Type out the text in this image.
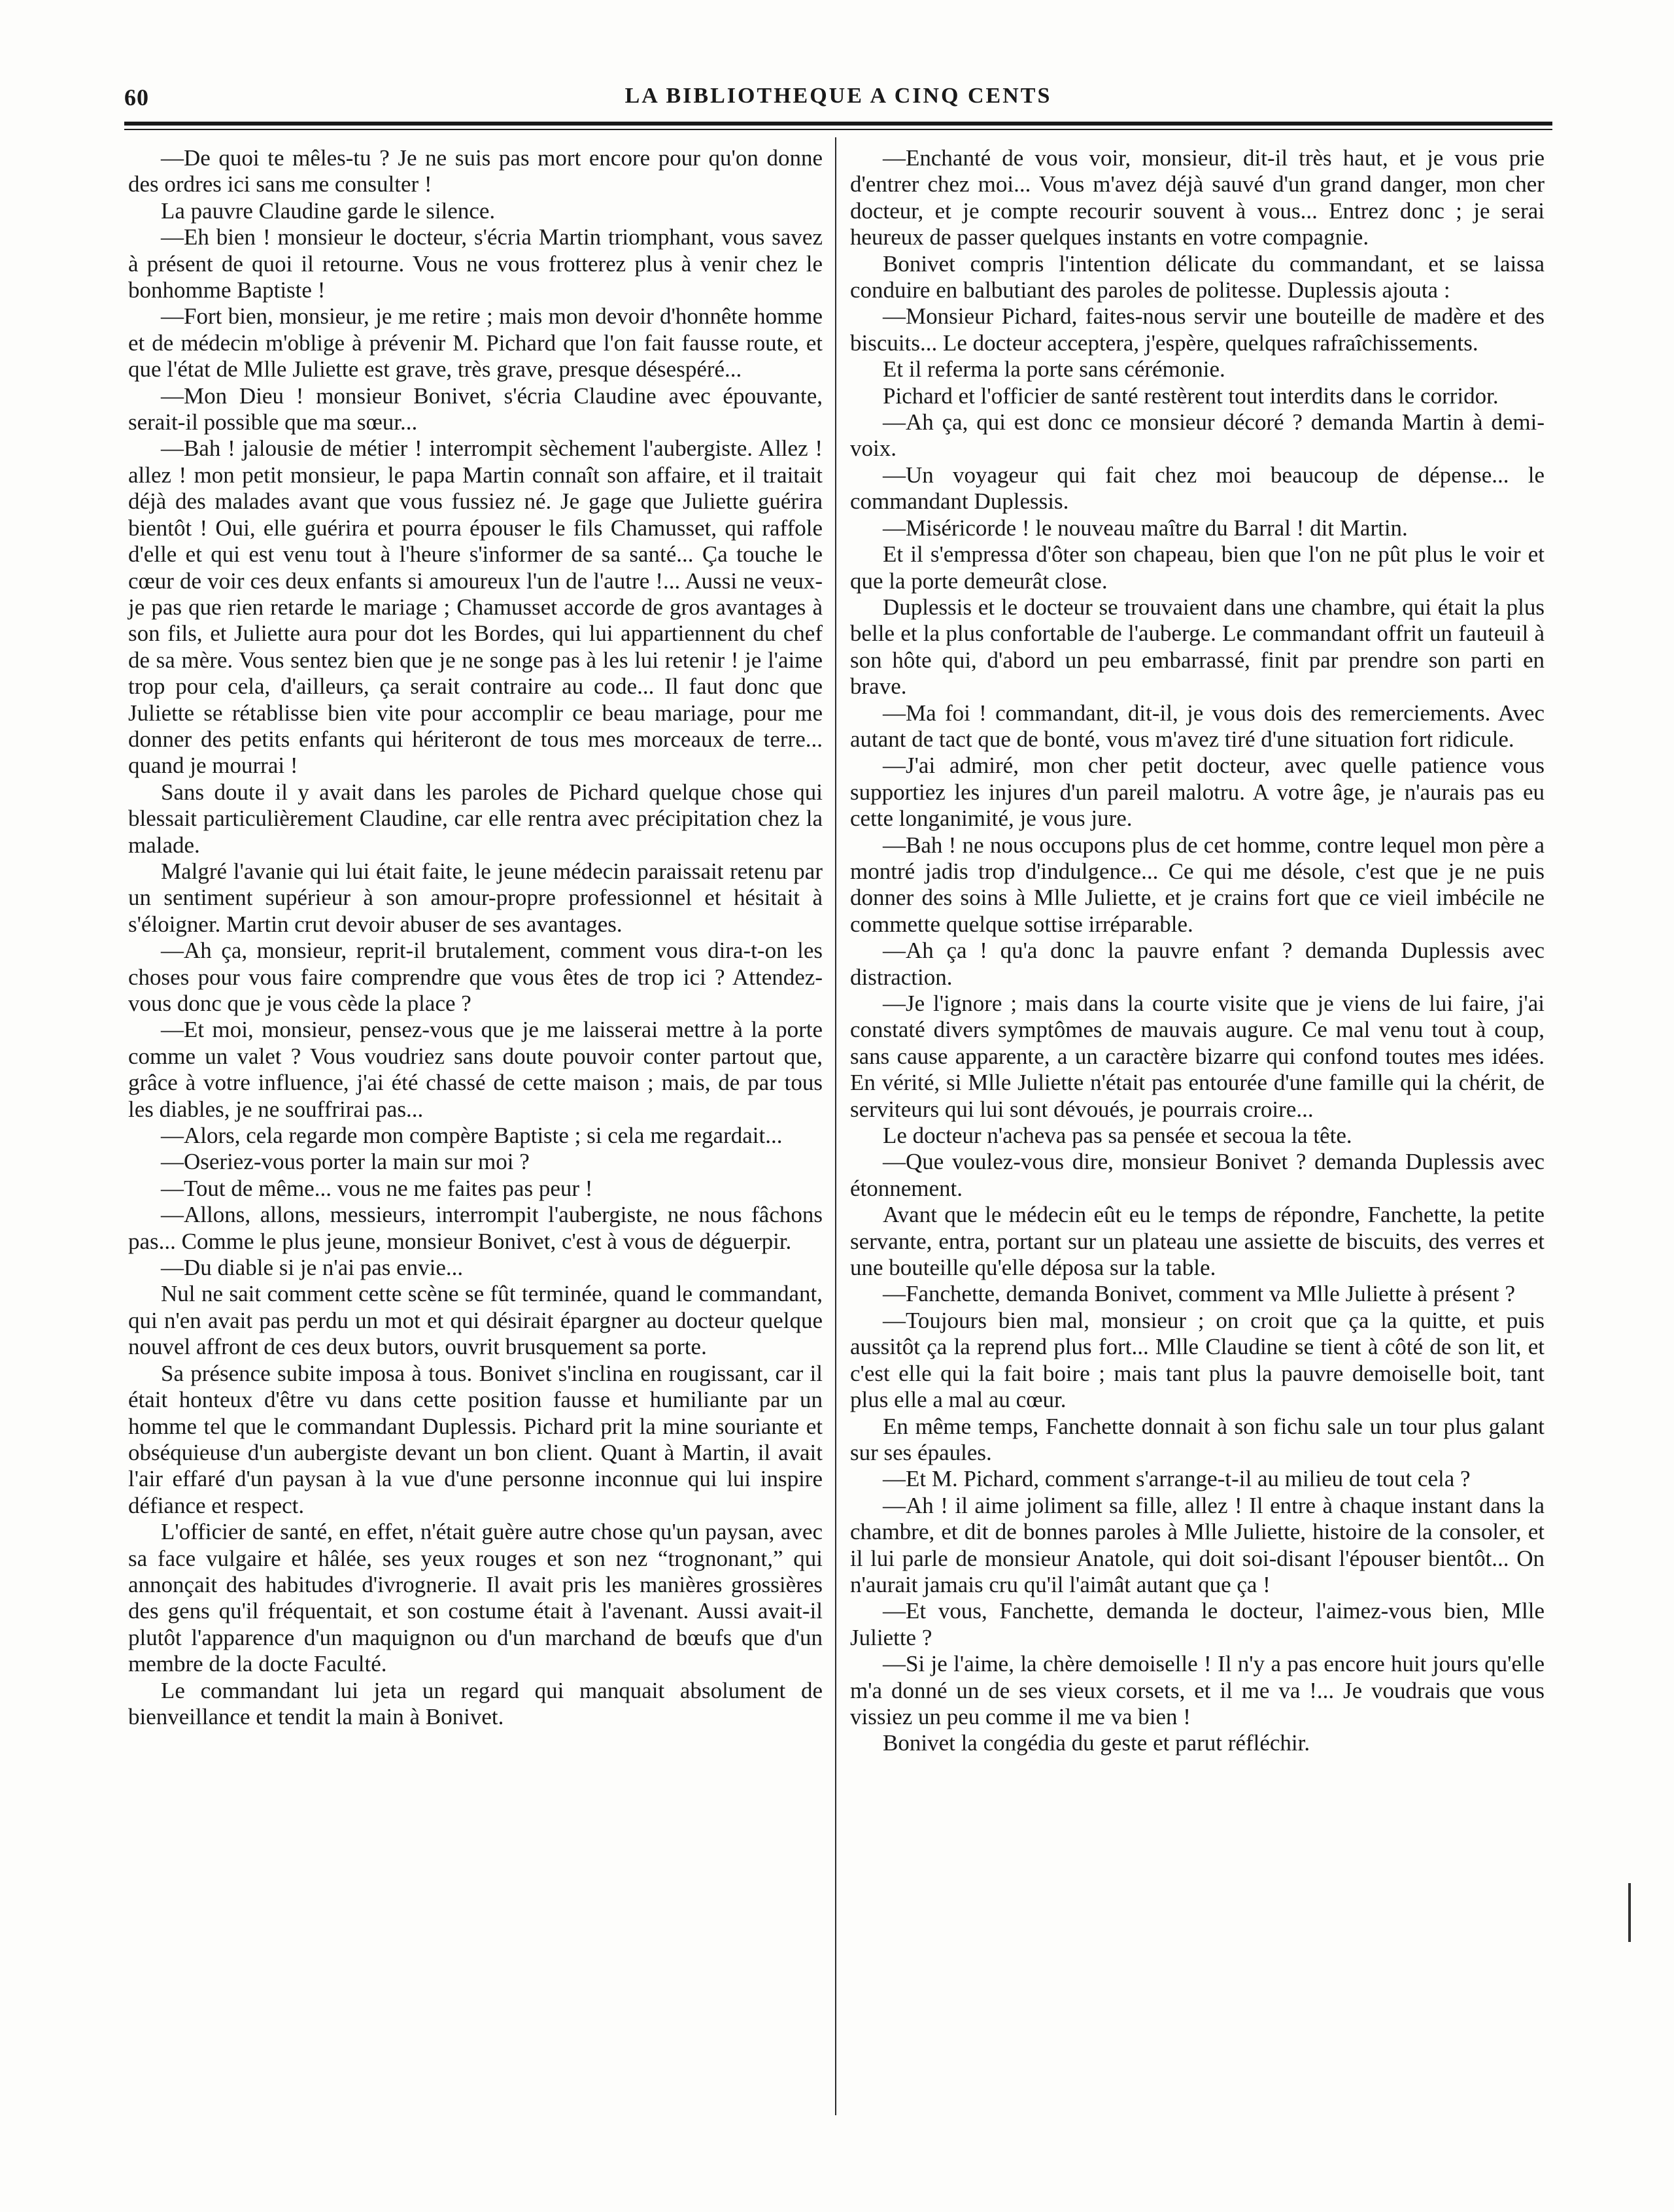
60	LA BIBLIOTHEQUE A CINQ CENTS

—De quoi te mêles-tu ? Je ne suis pas mort encore pour qu'on donne des ordres ici sans me consulter !

La pauvre Claudine garde le silence.

—Eh bien ! monsieur le docteur, s'écria Martin triomphant, vous savez à présent de quoi il retourne. Vous ne vous frotterez plus à venir chez le bonhomme Baptiste !

—Fort bien, monsieur, je me retire ; mais mon devoir d'honnête homme et de médecin m'oblige à prévenir M. Pichard que l'on fait fausse route, et que l'état de Mlle Juliette est grave, très grave, presque désespéré...

—Mon Dieu ! monsieur Bonivet, s'écria Claudine avec épouvante, serait-il possible que ma sœur...

—Bah ! jalousie de métier ! interrompit sèchement l'aubergiste. Allez ! allez ! mon petit monsieur, le papa Martin connaît son affaire, et il traitait déjà des malades avant que vous fussiez né. Je gage que Juliette guérira bientôt ! Oui, elle guérira et pourra épouser le fils Chamusset, qui raffole d'elle et qui est venu tout à l'heure s'informer de sa santé... Ça touche le cœur de voir ces deux enfants si amoureux l'un de l'autre !... Aussi ne veux-je pas que rien retarde le mariage ; Chamusset accorde de gros avantages à son fils, et Juliette aura pour dot les Bordes, qui lui appartiennent du chef de sa mère. Vous sentez bien que je ne songe pas à les lui retenir ! je l'aime trop pour cela, d'ailleurs, ça serait contraire au code... Il faut donc que Juliette se rétablisse bien vite pour accomplir ce beau mariage, pour me donner des petits enfants qui hériteront de tous mes morceaux de terre... quand je mourrai !

Sans doute il y avait dans les paroles de Pichard quelque chose qui blessait particulièrement Claudine, car elle rentra avec précipitation chez la malade.

Malgré l'avanie qui lui était faite, le jeune médecin paraissait retenu par un sentiment supérieur à son amour-propre professionnel et hésitait à s'éloigner. Martin crut devoir abuser de ses avantages.

—Ah ça, monsieur, reprit-il brutalement, comment vous dira-t-on les choses pour vous faire comprendre que vous êtes de trop ici ? Attendez-vous donc que je vous cède la place ?

—Et moi, monsieur, pensez-vous que je me laisserai mettre à la porte comme un valet ? Vous voudriez sans doute pouvoir conter partout que, grâce à votre influence, j'ai été chassé de cette maison ; mais, de par tous les diables, je ne souffrirai pas...

—Alors, cela regarde mon compère Baptiste ; si cela me regardait...

—Oseriez-vous porter la main sur moi ?

—Tout de même... vous ne me faites pas peur !

—Allons, allons, messieurs, interrompit l'aubergiste, ne nous fâchons pas... Comme le plus jeune, monsieur Bonivet, c'est à vous de déguerpir.

—Du diable si je n'ai pas envie...

Nul ne sait comment cette scène se fût terminée, quand le commandant, qui n'en avait pas perdu un mot et qui désirait épargner au docteur quelque nouvel affront de ces deux butors, ouvrit brusquement sa porte.

Sa présence subite imposa à tous. Bonivet s'inclina en rougissant, car il était honteux d'être vu dans cette position fausse et humiliante par un homme tel que le commandant Duplessis. Pichard prit la mine souriante et obséquieuse d'un aubergiste devant un bon client. Quant à Martin, il avait l'air effaré d'un paysan à la vue d'une personne inconnue qui lui inspire défiance et respect.

L'officier de santé, en effet, n'était guère autre chose qu'un paysan, avec sa face vulgaire et hâlée, ses yeux rouges et son nez “trognonant,” qui annonçait des habitudes d'ivrognerie. Il avait pris les manières grossières des gens qu'il fréquentait, et son costume était à l'avenant. Aussi avait-il plutôt l'apparence d'un maquignon ou d'un marchand de bœufs que d'un membre de la docte Faculté.

Le commandant lui jeta un regard qui manquait absolument de bienveillance et tendit la main à Bonivet.

—Enchanté de vous voir, monsieur, dit-il très haut, et je vous prie d'entrer chez moi... Vous m'avez déjà sauvé d'un grand danger, mon cher docteur, et je compte recourir souvent à vous... Entrez donc ; je serai heureux de passer quelques instants en votre compagnie.

Bonivet compris l'intention délicate du commandant, et se laissa conduire en balbutiant des paroles de politesse. Duplessis ajouta :

—Monsieur Pichard, faites-nous servir une bouteille de madère et des biscuits... Le docteur acceptera, j'espère, quelques rafraîchissements.

Et il referma la porte sans cérémonie.

Pichard et l'officier de santé restèrent tout interdits dans le corridor.

—Ah ça, qui est donc ce monsieur décoré ? demanda Martin à demi-voix.

—Un voyageur qui fait chez moi beaucoup de dépense... le commandant Duplessis.

—Miséricorde ! le nouveau maître du Barral ! dit Martin.

Et il s'empressa d'ôter son chapeau, bien que l'on ne pût plus le voir et que la porte demeurât close.

Duplessis et le docteur se trouvaient dans une chambre, qui était la plus belle et la plus confortable de l'auberge. Le commandant offrit un fauteuil à son hôte qui, d'abord un peu embarrassé, finit par prendre son parti en brave.

—Ma foi ! commandant, dit-il, je vous dois des remerciements. Avec autant de tact que de bonté, vous m'avez tiré d'une situation fort ridicule.

—J'ai admiré, mon cher petit docteur, avec quelle patience vous supportiez les injures d'un pareil malotru. A votre âge, je n'aurais pas eu cette longanimité, je vous jure.

—Bah ! ne nous occupons plus de cet homme, contre lequel mon père a montré jadis trop d'indulgence... Ce qui me désole, c'est que je ne puis donner des soins à Mlle Juliette, et je crains fort que ce vieil imbécile ne commette quelque sottise irréparable.

—Ah ça ! qu'a donc la pauvre enfant ? demanda Duplessis avec distraction.

—Je l'ignore ; mais dans la courte visite que je viens de lui faire, j'ai constaté divers symptômes de mauvais augure. Ce mal venu tout à coup, sans cause apparente, a un caractère bizarre qui confond toutes mes idées. En vérité, si Mlle Juliette n'était pas entourée d'une famille qui la chérit, de serviteurs qui lui sont dévoués, je pourrais croire...

Le docteur n'acheva pas sa pensée et secoua la tête.

—Que voulez-vous dire, monsieur Bonivet ? demanda Duplessis avec étonnement.

Avant que le médecin eût eu le temps de répondre, Fanchette, la petite servante, entra, portant sur un plateau une assiette de biscuits, des verres et une bouteille qu'elle déposa sur la table.

—Fanchette, demanda Bonivet, comment va Mlle Juliette à présent ?

—Toujours bien mal, monsieur ; on croit que ça la quitte, et puis aussitôt ça la reprend plus fort... Mlle Claudine se tient à côté de son lit, et c'est elle qui la fait boire ; mais tant plus la pauvre demoiselle boit, tant plus elle a mal au cœur.

En même temps, Fanchette donnait à son fichu sale un tour plus galant sur ses épaules.

—Et M. Pichard, comment s'arrange-t-il au milieu de tout cela ?

—Ah ! il aime joliment sa fille, allez ! Il entre à chaque instant dans la chambre, et dit de bonnes paroles à Mlle Juliette, histoire de la consoler, et il lui parle de monsieur Anatole, qui doit soi-disant l'épouser bientôt... On n'aurait jamais cru qu'il l'aimât autant que ça !

—Et vous, Fanchette, demanda le docteur, l'aimez-vous bien, Mlle Juliette ?

—Si je l'aime, la chère demoiselle ! Il n'y a pas encore huit jours qu'elle m'a donné un de ses vieux corsets, et il me va !... Je voudrais que vous vissiez un peu comme il me va bien !

Bonivet la congédia du geste et parut réfléchir.
